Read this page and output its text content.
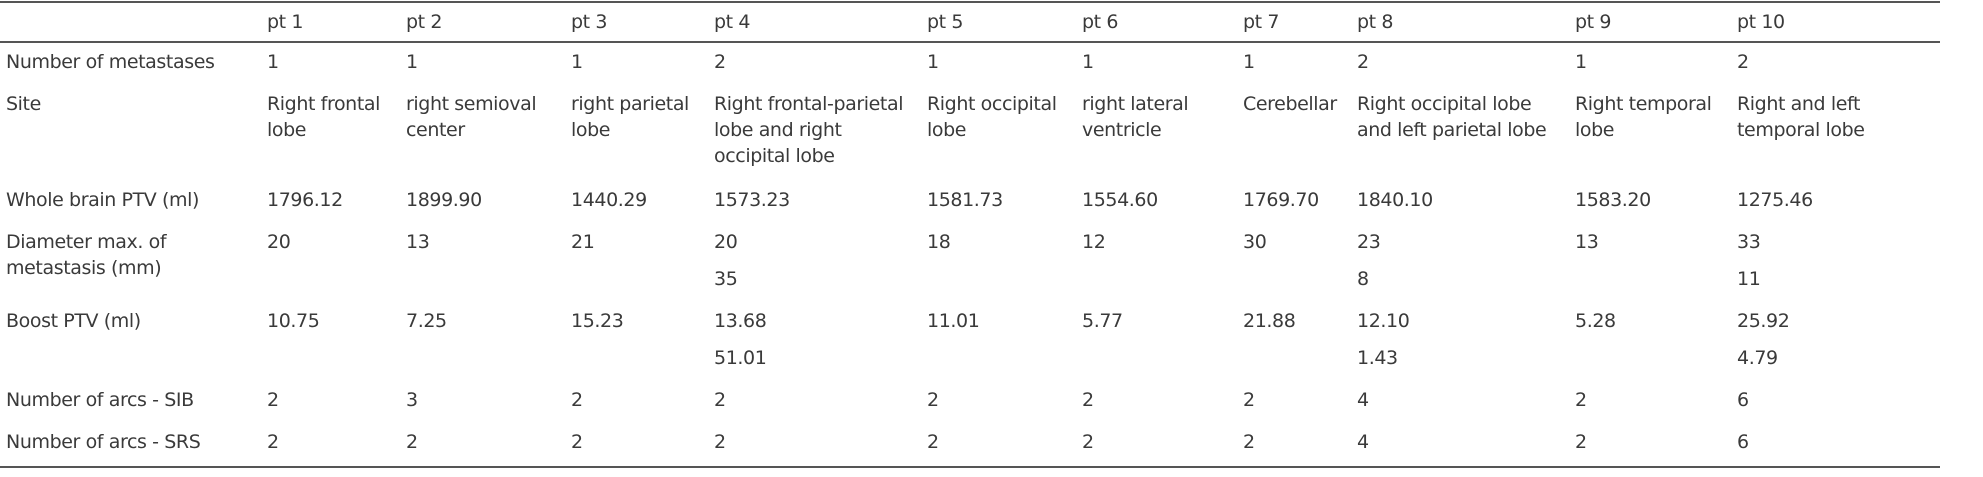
	pt 1	pt 2	pt 3	pt 4	pt 5	pt 6	pt 7	pt 8	pt 9	pt 10
Number of metastases	1	1	1	2	1	1	1	2	1	2
Site	Right frontal lobe	right semioval center	right parietal lobe	Right frontal-parietal lobe and right occipital lobe	Right occipital lobe	right lateral ventricle	Cerebellar	Right occipital lobe and left parietal lobe	Right temporal lobe	Right and left temporal lobe
Whole brain PTV (ml)	1796.12	1899.90	1440.29	1573.23	1581.73	1554.60	1769.70	1840.10	1583.20	1275.46
Diameter max. of metastasis (mm)	20	13	21	20	18	12	30	23	13	33
				35				8		11
Boost PTV (ml)	10.75	7.25	15.23	13.68	11.01	5.77	21.88	12.10	5.28	25.92
				51.01				1.43		4.79
Number of arcs - SIB	2	3	2	2	2	2	2	4	2	6
Number of arcs - SRS	2	2	2	2	2	2	2	4	2	6
